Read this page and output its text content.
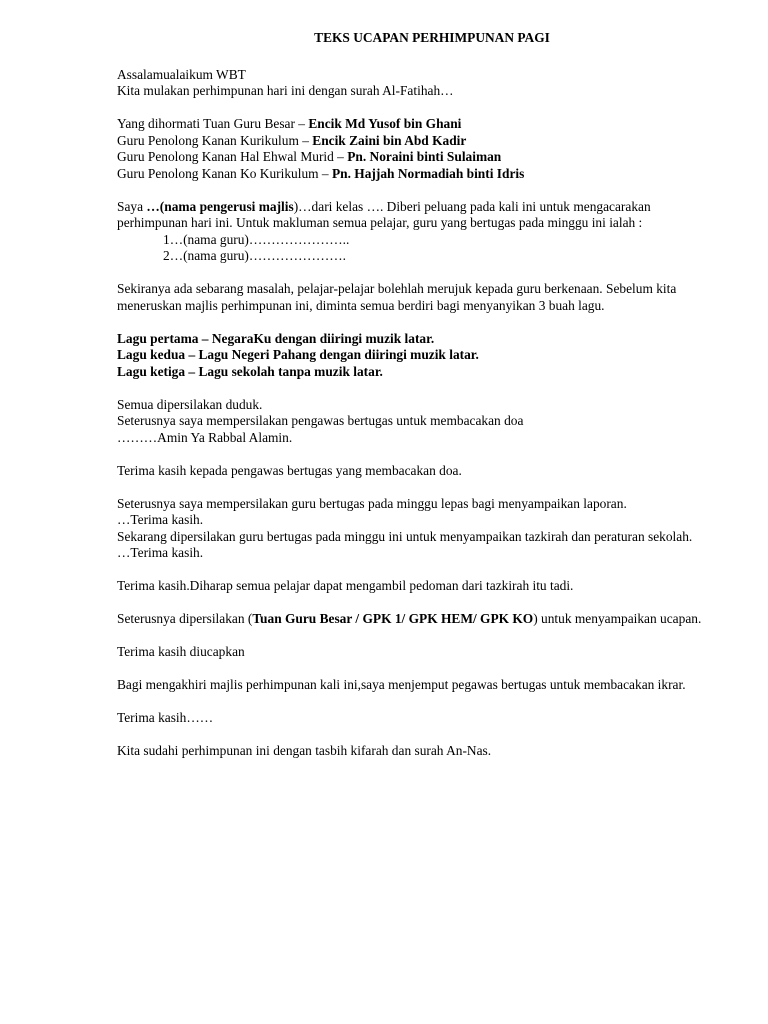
TEKS UCAPAN PERHIMPUNAN PAGI

Assalamualaikum WBT

Kita mulakan perhimpunan hari ini dengan surah Al-Fatihah…

Yang dihormati Tuan Guru Besar – Encik Md Yusof bin Ghani

Guru Penolong Kanan Kurikulum – Encik Zaini bin Abd Kadir

Guru Penolong Kanan Hal Ehwal Murid – Pn. Noraini binti Sulaiman

Guru Penolong Kanan Ko Kurikulum – Pn. Hajjah Normadiah binti Idris

Saya …(nama pengerusi majlis)…dari kelas …. Diberi peluang pada kali ini untuk mengacarakan perhimpunan hari ini. Untuk makluman semua pelajar, guru yang bertugas pada minggu ini ialah :

1…(nama guru)…………………..

2…(nama guru)………………….

Sekiranya ada sebarang masalah, pelajar-pelajar bolehlah merujuk kepada guru berkenaan. Sebelum kita meneruskan majlis perhimpunan ini, diminta semua berdiri bagi menyanyikan 3 buah lagu.

Lagu pertama – NegaraKu dengan diiringi muzik latar.

Lagu kedua – Lagu Negeri Pahang dengan diiringi muzik latar.

Lagu ketiga – Lagu sekolah tanpa muzik latar.

Semua dipersilakan duduk.

Seterusnya saya mempersilakan pengawas bertugas untuk membacakan doa

………Amin Ya Rabbal Alamin.

Terima kasih kepada pengawas bertugas yang membacakan doa.

Seterusnya saya mempersilakan guru bertugas pada minggu lepas bagi menyampaikan laporan.

…Terima kasih.

Sekarang dipersilakan guru bertugas pada minggu ini untuk menyampaikan tazkirah dan peraturan sekolah.

…Terima kasih.

Terima kasih.Diharap semua pelajar dapat mengambil pedoman dari tazkirah itu tadi.

Seterusnya dipersilakan (Tuan Guru Besar / GPK 1/ GPK HEM/ GPK KO) untuk menyampaikan ucapan.

Terima kasih diucapkan

Bagi mengakhiri majlis perhimpunan kali ini,saya menjemput pegawas bertugas untuk membacakan ikrar.

Terima kasih……

Kita sudahi perhimpunan ini dengan tasbih kifarah dan surah An-Nas.
